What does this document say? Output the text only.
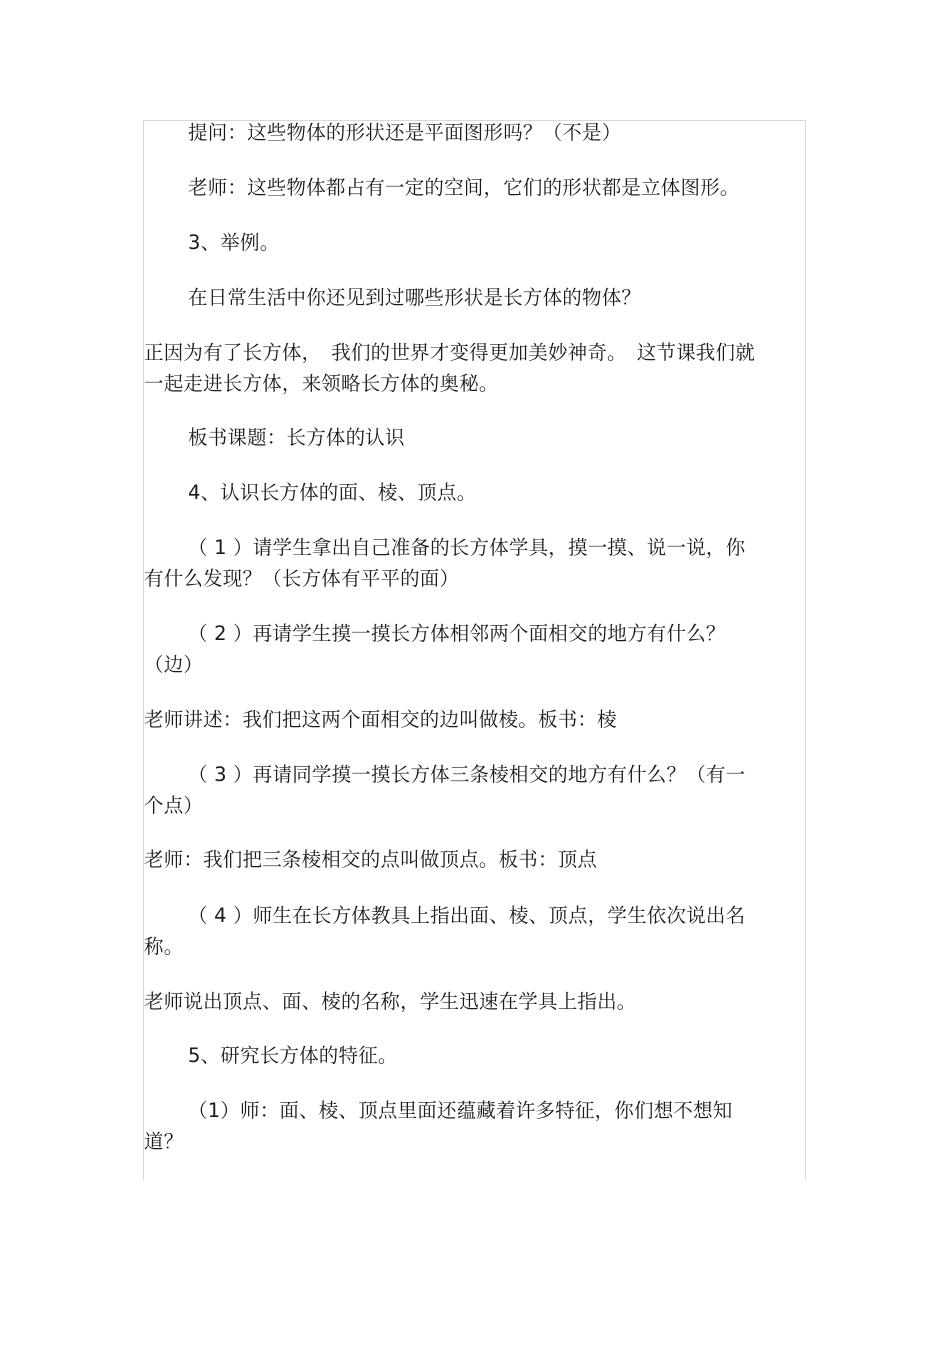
提问：这些物体的形状还是平面图形吗？（不是）
老师：这些物体都占有一定的空间，它们的形状都是立体图形。
3、举例。
在日常生活中你还见到过哪些形状是长方体的物体？
正因为有了长方体，　我们的世界才变得更加美妙神奇。　这节课我们就
一起走进长方体，来领略长方体的奥秘。
板书课题：长方体的认识
4、认识长方体的面、棱、顶点。
（ 1 ）请学生拿出自己准备的长方体学具，摸一摸、说一说，你
有什么发现？（长方体有平平的面）
（ 2 ）再请学生摸一摸长方体相邻两个面相交的地方有什么？
（边）
老师讲述：我们把这两个面相交的边叫做棱。板书：棱
（ 3 ）再请同学摸一摸长方体三条棱相交的地方有什么？（有一
个点）
老师：我们把三条棱相交的点叫做顶点。板书：顶点
（ 4 ）师生在长方体教具上指出面、棱、顶点，学生依次说出名
称。
老师说出顶点、面、棱的名称，学生迅速在学具上指出。
5、研究长方体的特征。
（1）师：面、棱、顶点里面还蕴藏着许多特征，你们想不想知
道？
